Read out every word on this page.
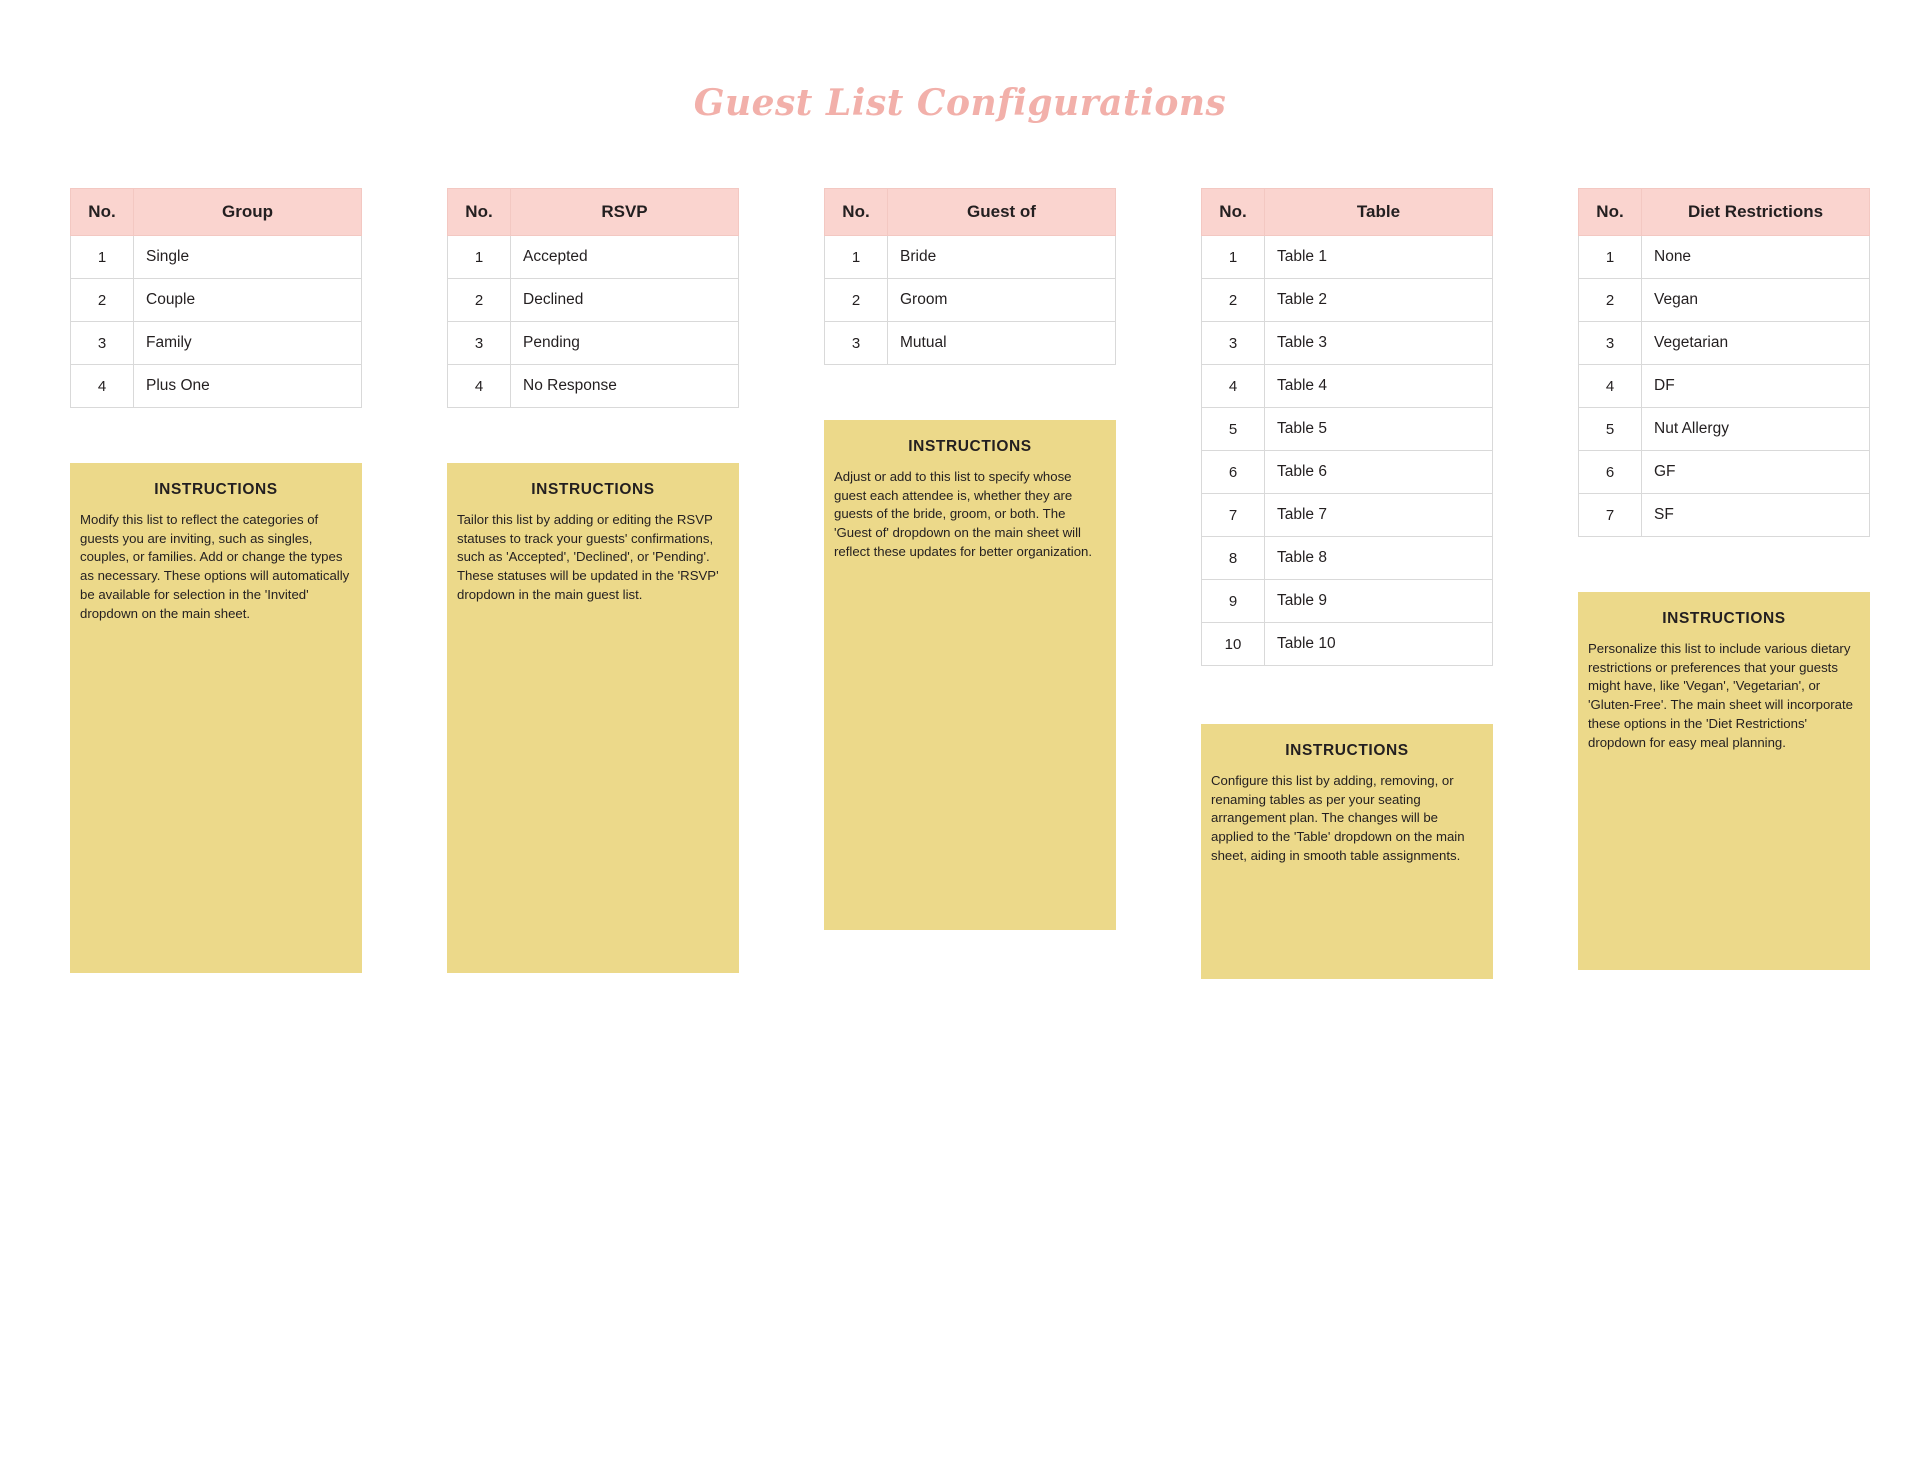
Guest List Configurations
No.	Group
1	Single
2	Couple
3	Family
4	Plus One
INSTRUCTIONS
Modify this list to reflect the categories of guests you are inviting, such as singles, couples, or families. Add or change the types as necessary. These options will automatically be available for selection in the 'Invited' dropdown on the main sheet.
No.	RSVP
1	Accepted
2	Declined
3	Pending
4	No Response
INSTRUCTIONS
Tailor this list by adding or editing the RSVP statuses to track your guests' confirmations, such as 'Accepted', 'Declined', or 'Pending'. These statuses will be updated in the 'RSVP' dropdown in the main guest list.
No.	Guest of
1	Bride
2	Groom
3	Mutual
INSTRUCTIONS
Adjust or add to this list to specify whose guest each attendee is, whether they are guests of the bride, groom, or both. The 'Guest of' dropdown on the main sheet will reflect these updates for better organization.
No.	Table
1	Table 1
2	Table 2
3	Table 3
4	Table 4
5	Table 5
6	Table 6
7	Table 7
8	Table 8
9	Table 9
10	Table 10
INSTRUCTIONS
Configure this list by adding, removing, or renaming tables as per your seating arrangement plan. The changes will be applied to the 'Table' dropdown on the main sheet, aiding in smooth table assignments.
No.	Diet Restrictions
1	None
2	Vegan
3	Vegetarian
4	DF
5	Nut Allergy
6	GF
7	SF
INSTRUCTIONS
Personalize this list to include various dietary restrictions or preferences that your guests might have, like 'Vegan', 'Vegetarian', or 'Gluten-Free'. The main sheet will incorporate these options in the 'Diet Restrictions' dropdown for easy meal planning.
